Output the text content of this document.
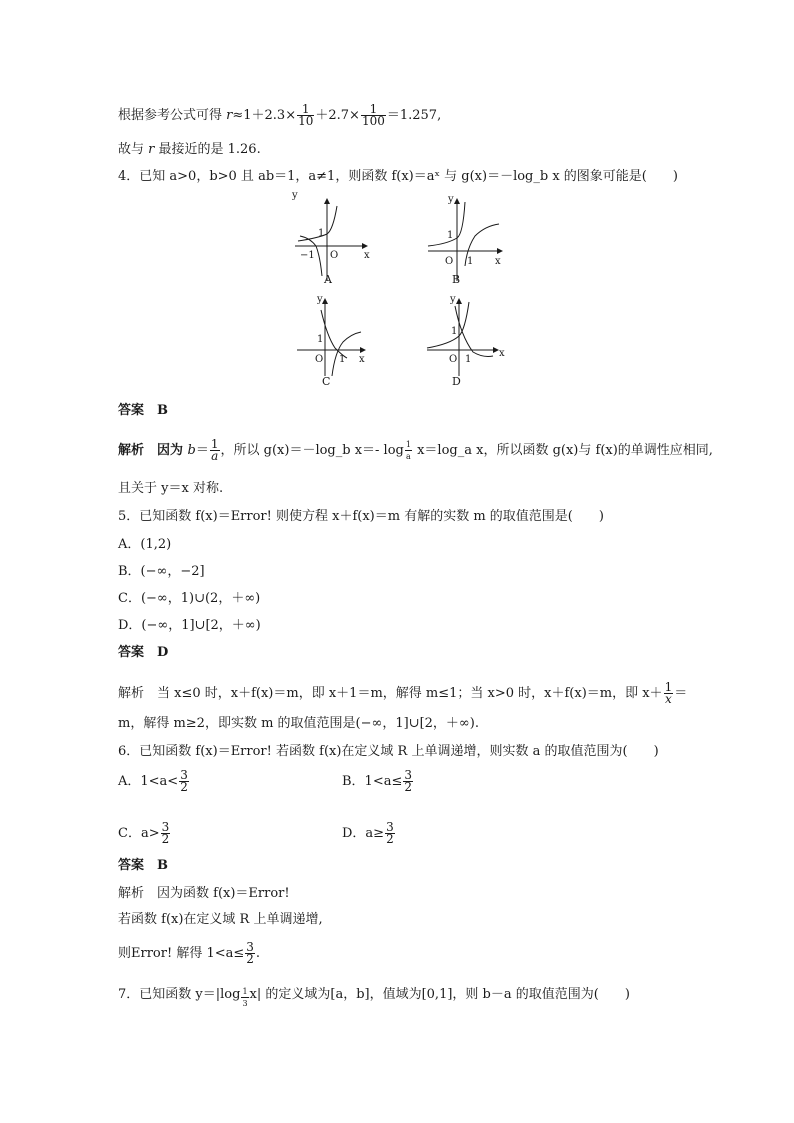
根据参考公式可得 $r\approx 1+2.3\times \frac{1}{10} +2.7\times \frac{1}{100} =1.257$,
故与 r 最接近的是 1.26.
4．已知 a>0，b>0 且 ab＝1，a≠1，则函数 f(x)＝aˣ 与 g(x)＝－log_b x 的图象可能是(　　)
y
x
1
−1 O
A
y
x
1
1
O
B
y
x
1
1
O
C
y
x
1
1
O
D
答案　B
解析　因为 $b= \frac{1}{a}$ ，所以 g(x)＝－log_b x＝- $\log \frac{1}{a}$ x＝log_a x，所以函数 g(x)与 f(x)的单调性应相同,
且关于 y＝x 对称.
5．已知函数 f(x)＝Error! 则使方程 x＋f(x)＝m 有解的实数 m 的取值范围是(　　)
A．(1,2)
B．(−∞，−2]
C．(−∞，1)∪(2，＋∞)
D．(−∞，1]∪[2，＋∞)
答案　D
解析　当 x≤0 时，x＋f(x)＝m，即 x＋1＝m，解得 m≤1；当 x>0 时，x＋f(x)＝m，即 $x+ \frac{1}{x}$ ＝
m，解得 m≥2，即实数 m 的取值范围是(−∞，1]∪[2，＋∞).
6．已知函数 f(x)＝Error! 若函数 f(x)在定义域 R 上单调递增，则实数 a 的取值范围为(　　)
A．$1<a< \frac{3}{2}$	B．$1<a\le \frac{3}{2}$
C．$a> \frac{3}{2}$	D．$a\ge \frac{3}{2}$
答案　B
解析　因为函数 f(x)＝Error!
若函数 f(x)在定义域 R 上单调递增,
则Error! 解得 $1<a\le \frac{3}{2}$ .
7．已知函数 $y=|\log \frac{1}{3} x|$ 的定义域为[a，b]，值域为[0,1]，则 b－a 的取值范围为(　　)
